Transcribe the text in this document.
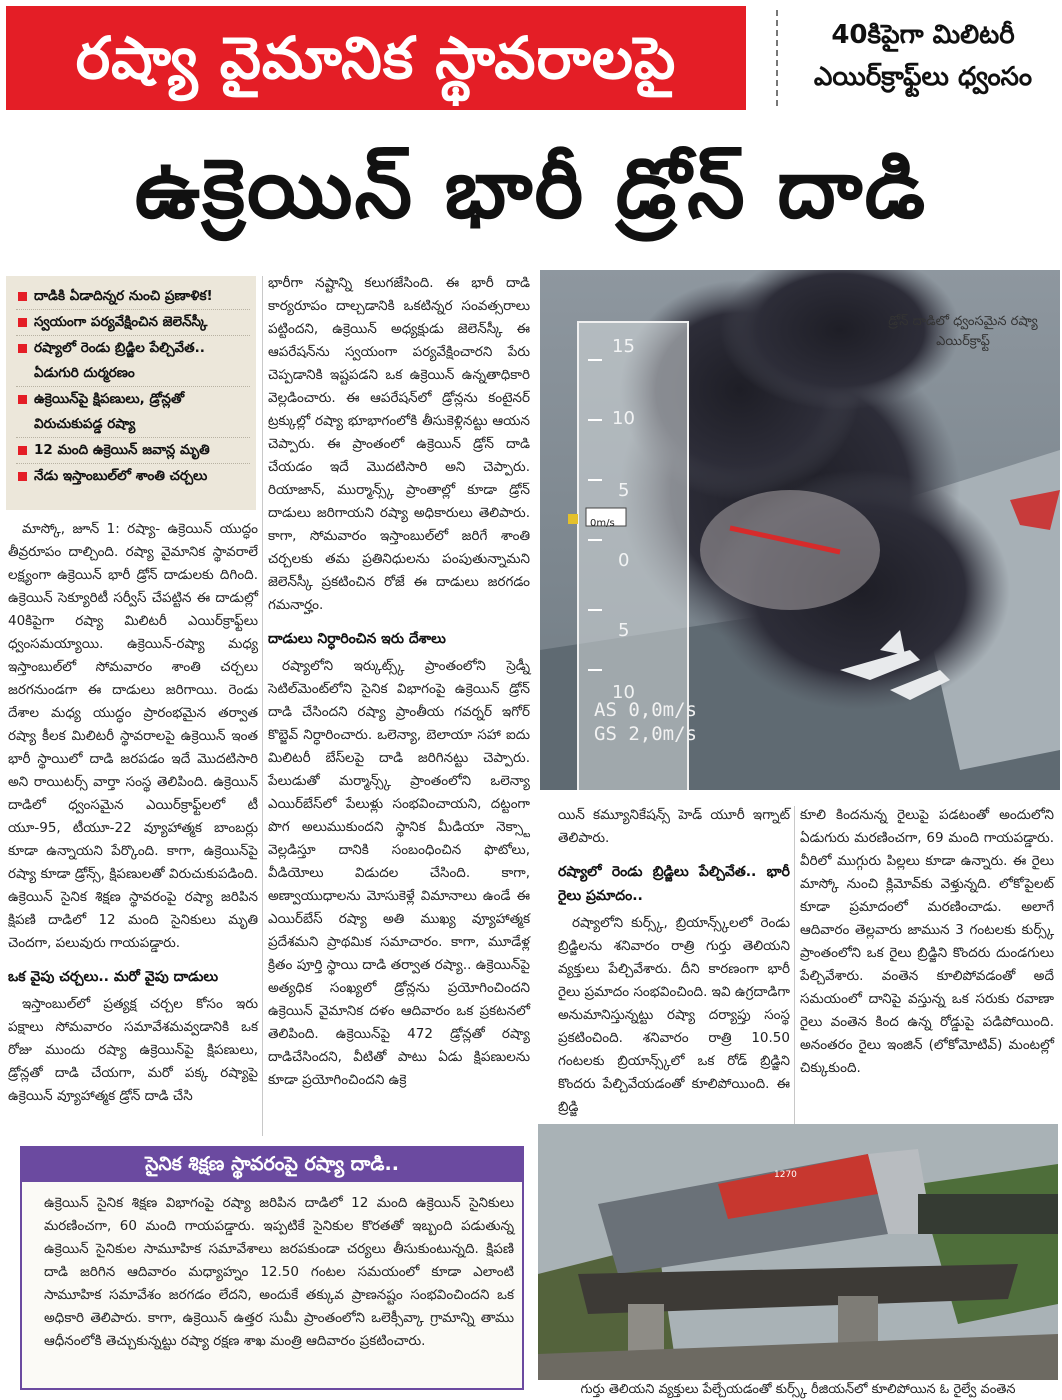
రష్యా వైమానిక స్థావరాలపై	40కిపైగా మిలిటరీ ఎయిర్‌క్రాఫ్ట్‌లు ధ్వంసం
ఉక్రెయిన్ భారీ డ్రోన్ దాడి
దాడికి ఏడాదిన్నర నుంచి ప్రణాళిక!
స్వయంగా పర్యవేక్షించిన జెలెన్‌స్కీ
రష్యాలో రెండు బ్రిడ్జిల పేల్చివేత.. ఏడుగురి దుర్మరణం
ఉక్రెయిన్‌పై క్షిపణులు, డ్రోన్లతో విరుచుకుపడ్డ రష్యా
12 మంది ఉక్రెయిన్ జవాన్ల మృతి
నేడు ఇస్తాంబుల్‌లో శాంతి చర్చలు

మాస్కో, జూన్ 1: రష్యా- ఉక్రెయిన్ యుద్ధం తీవ్రరూపం దాల్చింది. రష్యా వైమానిక స్థావరాలే లక్ష్యంగా ఉక్రెయిన్ భారీ డ్రోన్ దాడులకు దిగింది. ఉక్రెయిన్ సెక్యూరిటీ సర్వీస్ చేపట్టిన ఈ దాడుల్లో 40కిపైగా రష్యా మిలిటరీ ఎయిర్‌క్రాఫ్ట్‌లు ధ్వంసమయ్యాయి. ఉక్రెయిన్-రష్యా మధ్య ఇస్తాంబుల్‌లో సోమవారం శాంతి చర్చలు జరగనుండగా ఈ దాడులు జరిగాయి. రెండు దేశాల మధ్య యుద్ధం ప్రారంభమైన తర్వాత రష్యా కీలక మిలిటరీ స్థావరాలపై ఉక్రెయిన్ ఇంత భారీ స్థాయిలో దాడి జరపడం ఇదే మొదటిసారి అని రాయిటర్స్ వార్తా సంస్థ తెలిపింది. ఉక్రెయిన్ దాడిలో ధ్వంసమైన ఎయిర్‌క్రాఫ్ట్‌లలో టీ యూ-95, టీయూ-22 వ్యూహాత్మక బాంబర్లు కూడా ఉన్నాయని పేర్కొంది. కాగా, ఉక్రెయిన్‌పై రష్యా కూడా డ్రోన్స్, క్షిపణులతో విరుచుకుపడింది. ఉక్రెయిన్ సైనిక శిక్షణ స్థావరంపై రష్యా జరిపిన క్షిపణి దాడిలో 12 మంది సైనికులు మృతి చెందగా, పలువురు గాయపడ్డారు.

ఒక వైపు చర్చలు.. మరో వైపు దాడులు

ఇస్తాంబుల్‌లో ప్రత్యక్ష చర్చల కోసం ఇరు పక్షాలు సోమవారం సమావేశమవ్వడానికి ఒక రోజు ముందు రష్యా ఉక్రెయిన్‌పై క్షిపణులు, డ్రోన్లతో దాడి చేయగా, మరో పక్క రష్యాపై ఉక్రెయిన్ వ్యూహాత్మక డ్రోన్ దాడి చేసి

భారీగా నష్టాన్ని కలుగజేసింది. ఈ భారీ దాడి కార్యరూపం దాల్చడానికి ఒకటిన్నర సంవత్సరాలు పట్టిందని, ఉక్రెయిన్ అధ్యక్షుడు జెలెన్‌స్కీ ఈ ఆపరేషన్‌ను స్వయంగా పర్యవేక్షించారని పేరు చెప్పడానికి ఇష్టపడని ఒక ఉక్రెయిన్ ఉన్నతాధికారి వెల్లడించారు. ఈ ఆపరేషన్‌లో డ్రోన్లను కంటైనర్ ట్రక్కుల్లో రష్యా భూభాగంలోకి తీసుకెళ్లినట్టు ఆయన చెప్పారు. ఈ ప్రాంతంలో ఉక్రెయిన్ డ్రోన్ దాడి చేయడం ఇదే మొదటిసారి అని చెప్పారు. రియాజాన్, ముర్మాన్స్క్ ప్రాంతాల్లో కూడా డ్రోన్ దాడులు జరిగాయని రష్యా అధికారులు తెలిపారు. కాగా, సోమవారం ఇస్తాంబుల్‌లో జరిగే శాంతి చర్చలకు తమ ప్రతినిధులను పంపుతున్నామని జెలెన్‌స్కీ ప్రకటించిన రోజే ఈ దాడులు జరగడం గమనార్హం.

దాడులు నిర్ధారించిన ఇరు దేశాలు

రష్యాలోని ఇర్కుట్స్క్ ప్రాంతంలోని స్రెడ్నీ సెటిల్‌మెంట్‌లోని సైనిక విభాగంపై ఉక్రెయిన్ డ్రోన్ దాడి చేసిందని రష్యా ప్రాంతీయ గవర్నర్ ఇగోర్ కొబ్జెవ్ నిర్ధారించారు. ఒలెన్యా, బెలాయా సహా ఐదు మిలిటరీ బేస్‌లపై దాడి జరిగినట్టు చెప్పారు. పేలుడుతో మర్మాన్స్క్ ప్రాంతంలోని ఒలెన్యా ఎయిర్‌బేస్‌లో పేలుళ్లు సంభవించాయని, దట్టంగా పొగ అలుముకుందని స్థానిక మీడియా నెక్స్టా వెల్లడిస్తూ దానికి సంబంధించిన ఫొటోలు, వీడియోలు విడుదల చేసింది. కాగా, అణ్వాయుధాలను మోసుకెళ్లే విమానాలు ఉండే ఈ ఎయిర్‌బేస్ రష్యా అతి ముఖ్య వ్యూహాత్మక ప్రదేశమని ప్రాథమిక సమాచారం. కాగా, మూడేళ్ల క్రితం పూర్తి స్థాయి దాడి తర్వాత రష్యా.. ఉక్రెయిన్‌పై అత్యధిక సంఖ్యలో డ్రోన్లను ప్రయోగించిందని ఉక్రెయిన్ వైమానిక దళం ఆదివారం ఒక ప్రకటనలో తెలిపింది. ఉక్రెయిన్‌పై 472 డ్రోన్లతో రష్యా దాడిచేసిందని, వీటితో పాటు ఏడు క్షిపణులను కూడా ప్రయోగించిందని ఉక్రె

0m/s
15
10
5
0
5
10
AS 0,0m/s
GS 2,0m/s
డ్రోన్ దాడిలో ధ్వంసమైన రష్యా ఎయిర్‌క్రాఫ్ట్‌

యిన్ కమ్యూనికేషన్స్ హెడ్ యూరీ ఇగ్నాట్ తెలిపారు.

రష్యాలో రెండు బ్రిడ్జిలు పేల్చివేత.. భారీ రైలు ప్రమాదం..

రష్యాలోని కుర్స్క్, బ్రియాన్స్క్‌లలో రెండు బ్రిడ్జిలను శనివారం రాత్రి గుర్తు తెలియని వ్యక్తులు పేల్చివేశారు. దీని కారణంగా భారీ రైలు ప్రమాదం సంభవించింది. ఇవి ఉగ్రదాడిగా అనుమానిస్తున్నట్టు రష్యా దర్యాప్తు సంస్థ ప్రకటించింది. శనివారం రాత్రి 10.50 గంటలకు బ్రియాన్స్క్‌లో ఒక రోడ్ బ్రిడ్జిని కొందరు పేల్చివేయడంతో కూలిపోయింది. ఈ బ్రిడ్జి

కూలి కిందనున్న రైలుపై పడటంతో అందులోని ఏడుగురు మరణించగా, 69 మంది గాయపడ్డారు. వీరిలో ముగ్గురు పిల్లలు కూడా ఉన్నారు. ఈ రైలు మాస్కో నుంచి క్లిమోవ్‌కు వెళ్తున్నది. లోకోపైలట్ కూడా ప్రమాదంలో మరణించాడు. అలాగే ఆదివారం తెల్లవారు జామున 3 గంటలకు కుర్స్క్ ప్రాంతంలోని ఒక రైలు బ్రిడ్జిని కొందరు దుండగులు పేల్చివేశారు. వంతెన కూలిపోవడంతో అదే సమయంలో దానిపై వస్తున్న ఒక సరుకు రవాణా రైలు వంతెన కింద ఉన్న రోడ్డుపై పడిపోయింది. అనంతరం రైలు ఇంజిన్ (లోకోమోటివ్) మంటల్లో చిక్కుకుంది.

సైనిక శిక్షణ స్థావరంపై రష్యా దాడి..
ఉక్రెయిన్ సైనిక శిక్షణ విభాగంపై రష్యా జరిపిన దాడిలో 12 మంది ఉక్రెయిన్ సైనికులు మరణించగా, 60 మంది గాయపడ్డారు. ఇప్పటికే సైనికుల కొరతతో ఇబ్బంది పడుతున్న ఉక్రెయిన్ సైనికుల సామూహిక సమావేశాలు జరపకుండా చర్యలు తీసుకుంటున్నది. క్షిపణి దాడి జరిగిన ఆదివారం మధ్యాహ్నం 12.50 గంటల సమయంలో కూడా ఎలాంటి సామూహిక సమావేశం జరగడం లేదని, అందుకే తక్కువ ప్రాణనష్టం సంభవించిందని ఒక అధికారి తెలిపారు. కాగా, ఉక్రెయిన్ ఉత్తర సుమీ ప్రాంతంలోని ఒలెక్సీవ్కా గ్రామాన్ని తాము ఆధీనంలోకి తెచ్చుకున్నట్టు రష్యా రక్షణ శాఖ మంత్రి ఆదివారం ప్రకటించారు.
1270
గుర్తు తెలియని వ్యక్తులు పేల్చేయడంతో కుర్స్క్ రీజియన్‌లో కూలిపోయిన ఓ రైల్వే వంతెన
